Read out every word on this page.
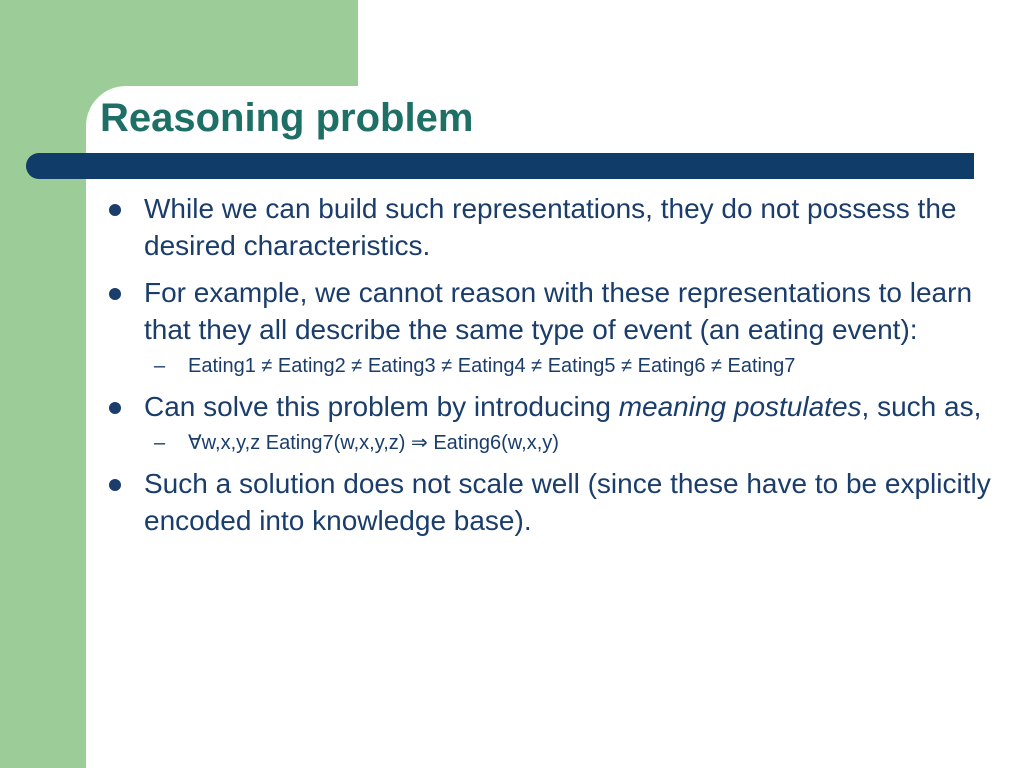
Reasoning problem
While we can build such representations, they do not possess the desired characteristics.
For example, we cannot reason with these representations to learn that they all describe the same type of event (an eating event):
– Eating1 ≠ Eating2 ≠ Eating3 ≠ Eating4 ≠ Eating5 ≠ Eating6 ≠ Eating7
Can solve this problem by introducing meaning postulates, such as,
– ∀w,x,y,z Eating7(w,x,y,z) ⇒ Eating6(w,x,y)
Such a solution does not scale well (since these have to be explicitly encoded into knowledge base).
